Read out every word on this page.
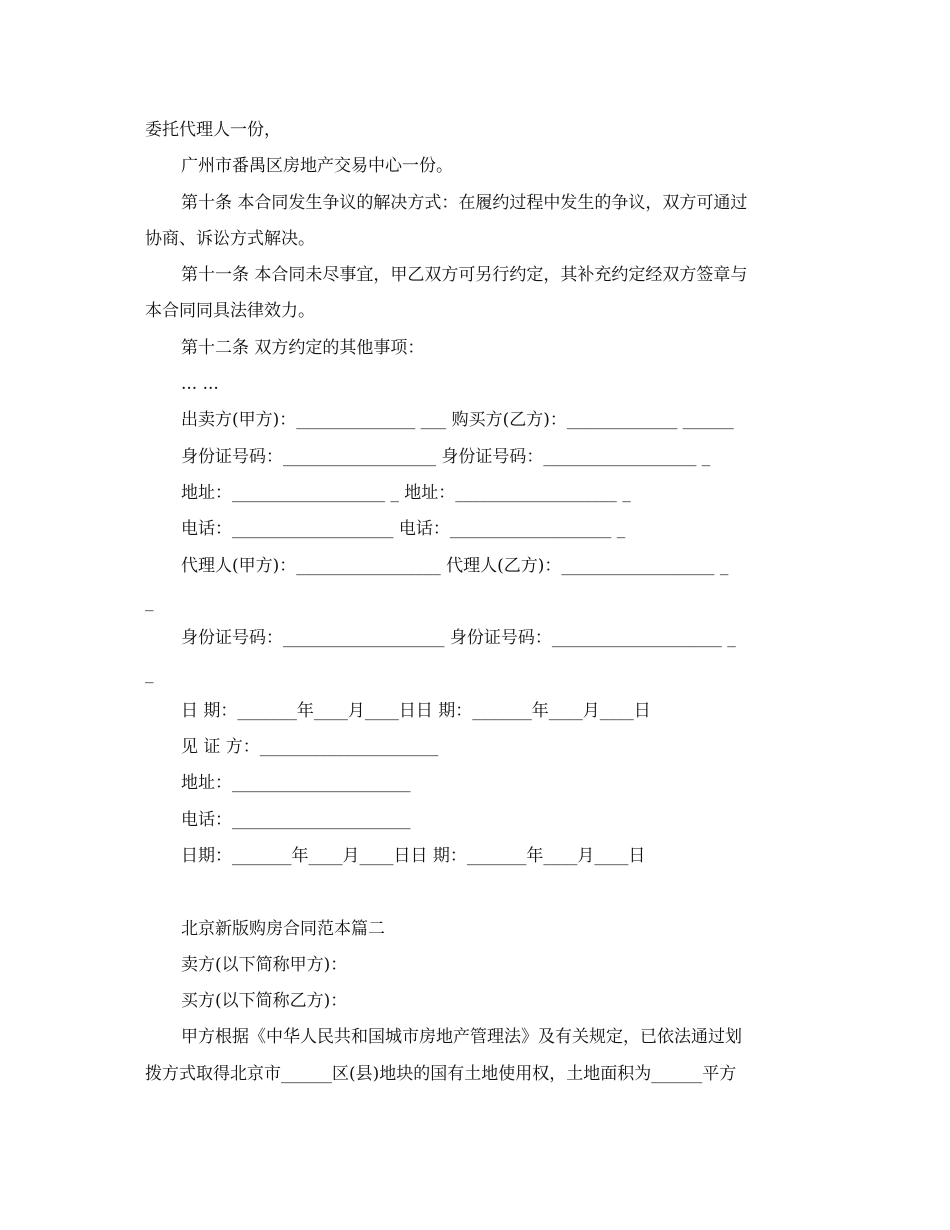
委托代理人一份，
广州市番禺区房地产交易中心一份。
第十条 本合同发生争议的解决方式：在履约过程中发生的争议，双方可通过
协商、诉讼方式解决。
第十一条 本合同未尽事宜，甲乙双方可另行约定，其补充约定经双方签章与
本合同同具法律效力。
第十二条 双方约定的其他事项：
... ...
出卖方(甲方)：______________ ___ 购买方(乙方)：_____________ ______
身份证号码：__________________ 身份证号码：__________________ _
地址：__________________ _ 地址：___________________ _
电话：___________________ 电话：___________________ _
代理人(甲方)：_________________ 代理人(乙方)：__________________ _
_
身份证号码：___________________ 身份证号码：____________________ _
_
日 期：_______年____月____日日 期：_______年____月____日
见 证 方：_____________________
地址：_____________________
电话：_____________________
日期：_______年____月____日日 期：_______年____月____日
北京新版购房合同范本篇二
卖方(以下简称甲方)：
买方(以下简称乙方)：
甲方根据《中华人民共和国城市房地产管理法》及有关规定，已依法通过划
拨方式取得北京市______区(县)地块的国有土地使用权，土地面积为______平方
